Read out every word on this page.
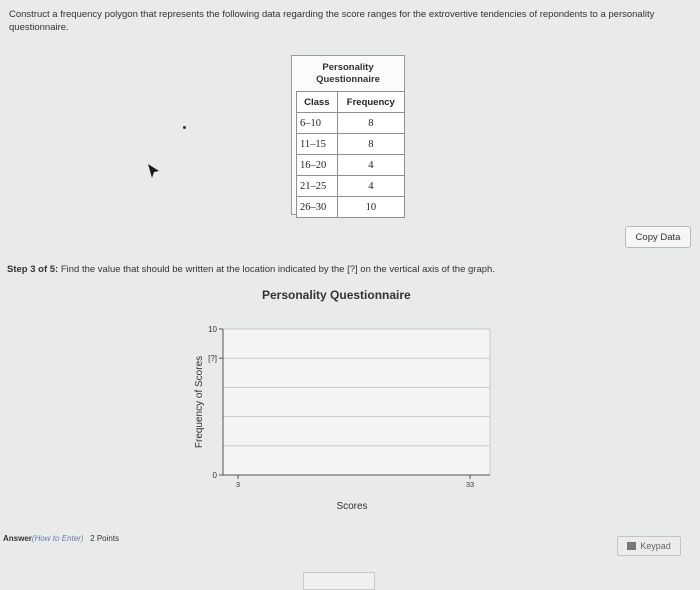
Construct a frequency polygon that represents the following data regarding the score ranges for the extrovertive tendencies of repondents to a personality questionnaire.
Personality
Questionnaire
Class	Frequency
6–10	8
11–15	8
16–20	4
21–25	4
26–30	10
Copy Data
Step 3 of 5: Find the value that should be written at the location indicated by the [?] on the vertical axis of the graph.
Personality Questionnaire
0
[?]
10
3	33
Frequency of Scores
Scores
Answer(How to Enter) 2 Points
Keypad
